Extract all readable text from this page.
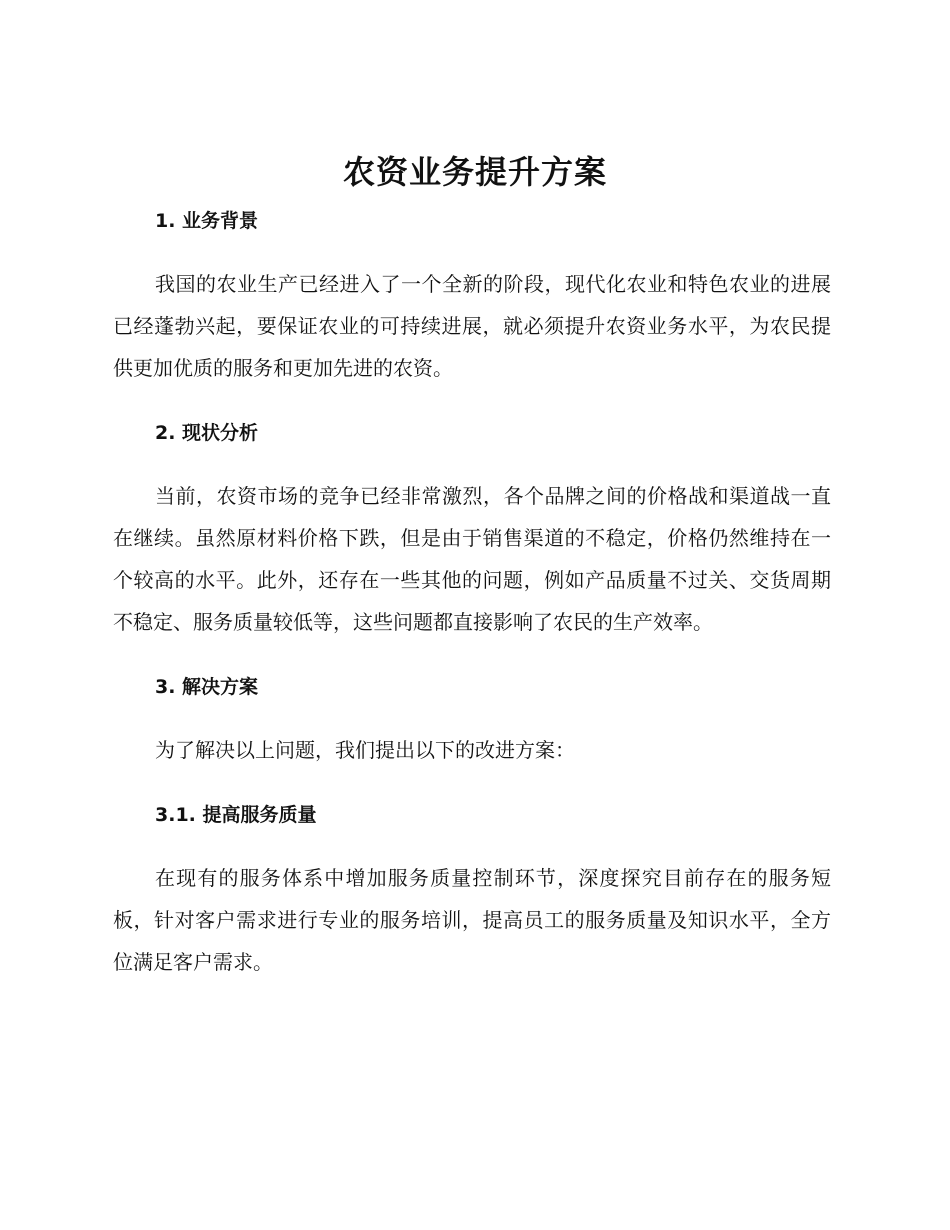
农资业务提升方案
1. 业务背景

我国的农业生产已经进入了一个全新的阶段，现代化农业和特色农业的进展已经蓬勃兴起，要保证农业的可持续进展，就必须提升农资业务水平，为农民提供更加优质的服务和更加先进的农资。

2. 现状分析

当前，农资市场的竞争已经非常激烈，各个品牌之间的价格战和渠道战一直在继续。虽然原材料价格下跌，但是由于销售渠道的不稳定，价格仍然维持在一个较高的水平。此外，还存在一些其他的问题，例如产品质量不过关、交货周期不稳定、服务质量较低等，这些问题都直接影响了农民的生产效率。

3. 解决方案

为了解决以上问题，我们提出以下的改进方案：

3.1. 提高服务质量

在现有的服务体系中增加服务质量控制环节，深度探究目前存在的服务短板，针对客户需求进行专业的服务培训，提高员工的服务质量及知识水平，全方位满足客户需求。
